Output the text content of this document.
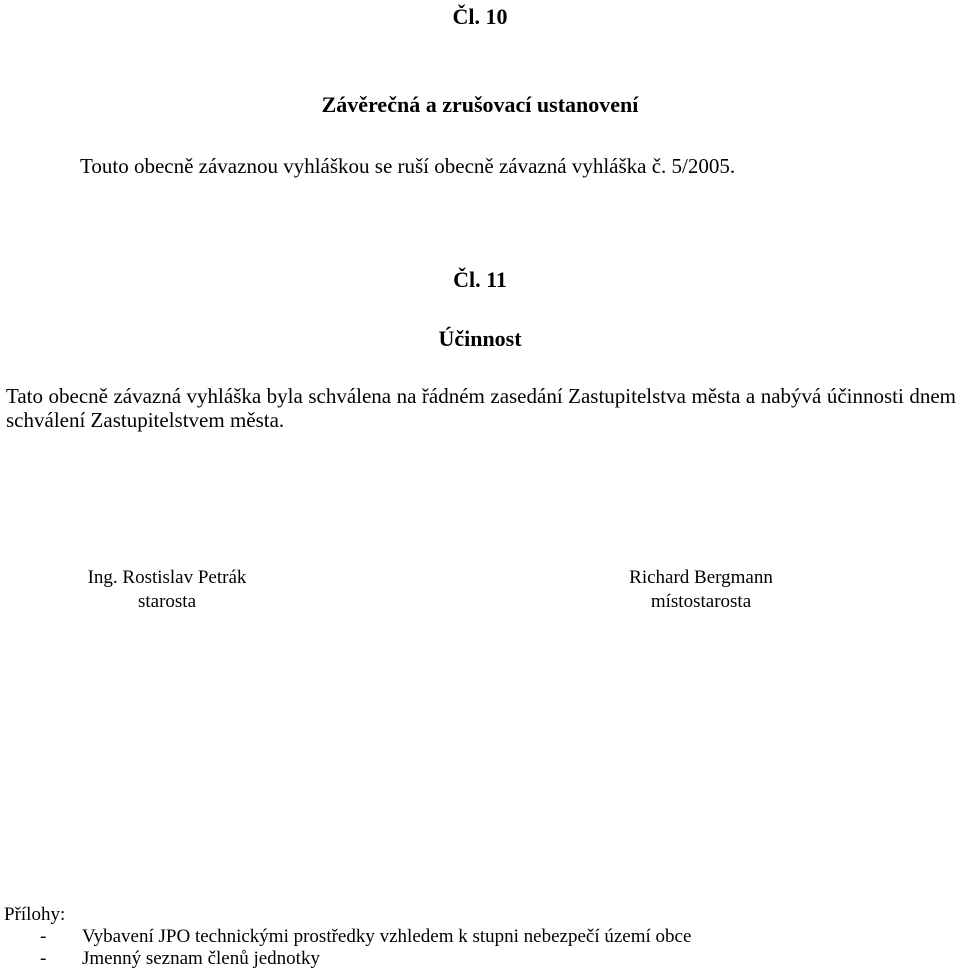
Čl. 10
Závěrečná a zrušovací ustanovení
Touto obecně závaznou vyhláškou se ruší obecně závazná vyhláška č. 5/2005.
Čl. 11
Účinnost
Tato obecně závazná vyhláška byla schválena na řádném zasedání Zastupitelstva města a nabývá účinnosti dnem schválení Zastupitelstvem města.
Ing. Rostislav Petrák
starosta
Richard Bergmann
místostarosta
Přílohy:
-	Vybavení JPO technickými prostředky vzhledem k stupni nebezpečí území obce
-	Jmenný seznam členů jednotky
